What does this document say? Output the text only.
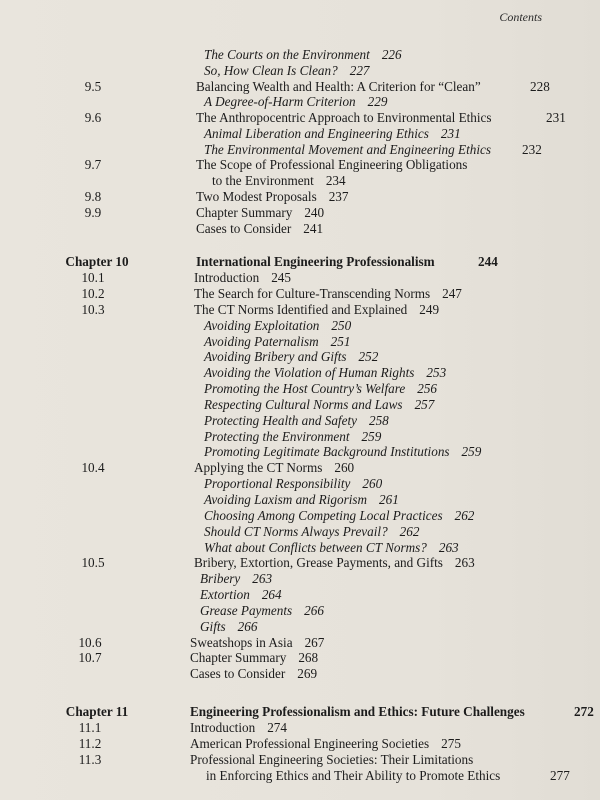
Contents
The Courts on the Environment 226
So, How Clean Is Clean? 227
9.5	Balancing Wealth and Health: A Criterion for “Clean”	228
A Degree-of-Harm Criterion 229
9.6	The Anthropocentric Approach to Environmental Ethics	231
Animal Liberation and Engineering Ethics 231
The Environmental Movement and Engineering Ethics 232
9.7	The Scope of Professional Engineering Obligations
to the Environment 234
9.8	Two Modest Proposals 237
9.9	Chapter Summary 240
Cases to Consider 241
Chapter 10	International Engineering Professionalism	244
10.1	Introduction 245
10.2	The Search for Culture-Transcending Norms 247
10.3	The CT Norms Identified and Explained 249
Avoiding Exploitation 250
Avoiding Paternalism 251
Avoiding Bribery and Gifts 252
Avoiding the Violation of Human Rights 253
Promoting the Host Country’s Welfare 256
Respecting Cultural Norms and Laws 257
Protecting Health and Safety 258
Protecting the Environment 259
Promoting Legitimate Background Institutions 259
10.4	Applying the CT Norms 260
Proportional Responsibility 260
Avoiding Laxism and Rigorism 261
Choosing Among Competing Local Practices 262
Should CT Norms Always Prevail? 262
What about Conflicts between CT Norms? 263
10.5	Bribery, Extortion, Grease Payments, and Gifts 263
Bribery 263
Extortion 264
Grease Payments 266
Gifts 266
10.6	Sweatshops in Asia 267
10.7	Chapter Summary 268
Cases to Consider 269
Chapter 11	Engineering Professionalism and Ethics: Future Challenges	272
11.1	Introduction 274
11.2	American Professional Engineering Societies 275
11.3	Professional Engineering Societies: Their Limitations
in Enforcing Ethics and Their Ability to Promote Ethics	277
